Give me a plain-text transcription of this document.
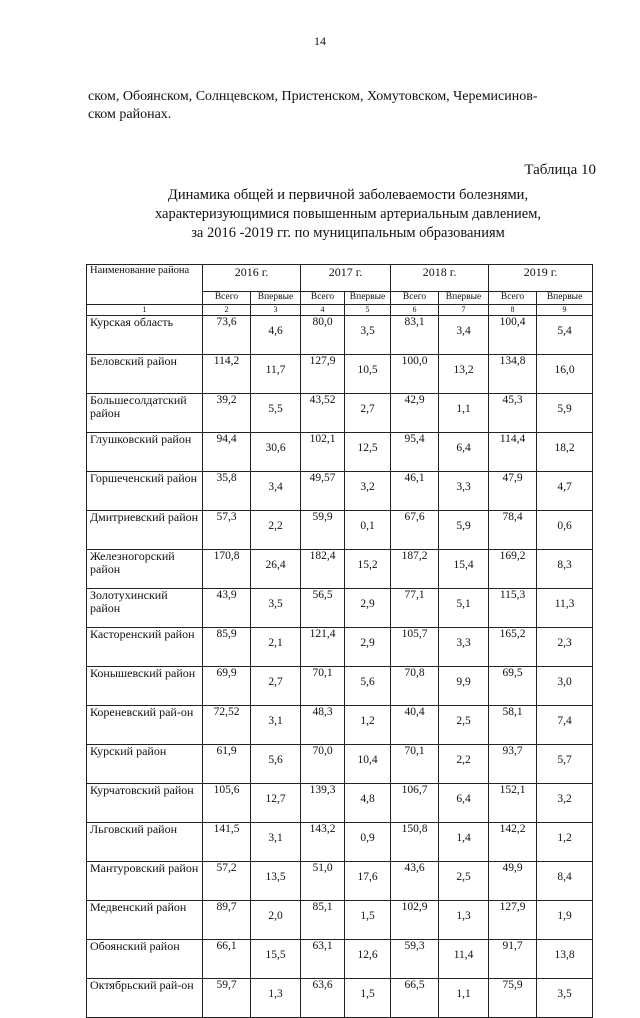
14
ском, Обоянском, Солнцевском, Пристенском, Хомутовском, Черемисинов-
ском районах.
Таблица 10
Динамика общей и первичной заболеваемости болезнями,
характеризующимися повышенным артериальным давлением,
за 2016 -2019 гг. по муниципальным образованиям
Наименование района	2016 г.		2017 г.		2018 г.		2019 г.	
	Всего	Впервые	Всего	Впервые	Всего	Впервые	Всего	Впервые
1	2	3	4	5	6	7	8	9
Курская область	73,6	4,6	80,0	3,5	83,1	3,4	100,4	5,4
Беловский район	114,2	11,7	127,9	10,5	100,0	13,2	134,8	16,0
Большесолдатский район	39,2	5,5	43,52	2,7	42,9	1,1	45,3	5,9
Глушковский район	94,4	30,6	102,1	12,5	95,4	6,4	114,4	18,2
Горшеченский район	35,8	3,4	49,57	3,2	46,1	3,3	47,9	4,7
Дмитриевский район	57,3	2,2	59,9	0,1	67,6	5,9	78,4	0,6
Железногорский район	170,8	26,4	182,4	15,2	187,2	15,4	169,2	8,3
Золотухинский район	43,9	3,5	56,5	2,9	77,1	5,1	115,3	11,3
Касторенский район	85,9	2,1	121,4	2,9	105,7	3,3	165,2	2,3
Конышевский район	69,9	2,7	70,1	5,6	70,8	9,9	69,5	3,0
Кореневский рай-он	72,52	3,1	48,3	1,2	40,4	2,5	58,1	7,4
Курский район	61,9	5,6	70,0	10,4	70,1	2,2	93,7	5,7
Курчатовский район	105,6	12,7	139,3	4,8	106,7	6,4	152,1	3,2
Льговский район	141,5	3,1	143,2	0,9	150,8	1,4	142,2	1,2
Мантуровский район	57,2	13,5	51,0	17,6	43,6	2,5	49,9	8,4
Медвенский район	89,7	2,0	85,1	1,5	102,9	1,3	127,9	1,9
Обоянский район	66,1	15,5	63,1	12,6	59,3	11,4	91,7	13,8
Октябрьский рай-он	59,7	1,3	63,6	1,5	66,5	1,1	75,9	3,5
